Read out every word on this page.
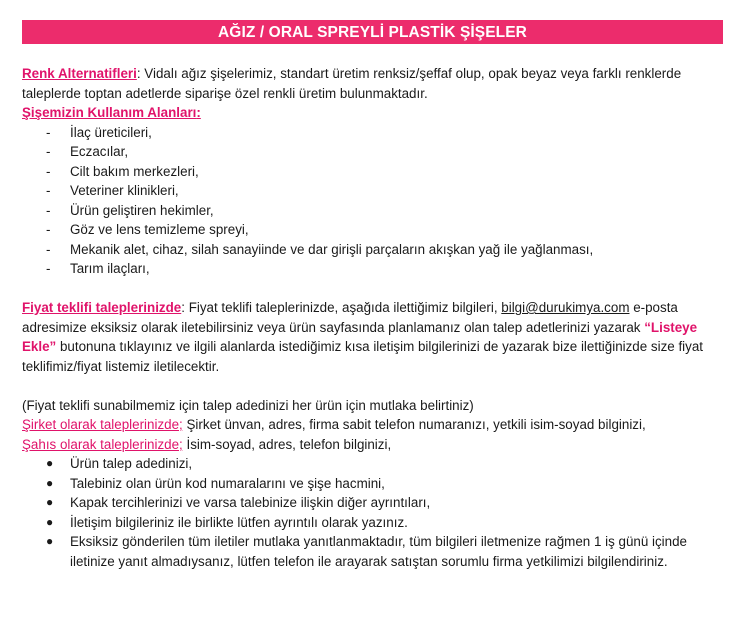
AĞIZ / ORAL SPREYLİ PLASTİK ŞİŞELER

Renk Alternatifleri: Vidalı ağız şişelerimiz, standart üretim renksiz/şeffaf olup, opak beyaz veya farklı renklerde taleplerde toptan adetlerde siparişe özel renkli üretim bulunmaktadır.

Şişemizin Kullanım Alanları:

- İlaç üreticileri,
- Eczacılar,
- Cilt bakım merkezleri,
- Veteriner klinikleri,
- Ürün geliştiren hekimler,
- Göz ve lens temizleme spreyi,
- Mekanik alet, cihaz, silah sanayiinde ve dar girişli parçaların akışkan yağ ile yağlanması,
- Tarım ilaçları,

Fiyat teklifi taleplerinizde: Fiyat teklifi taleplerinizde, aşağıda ilettiğimiz bilgileri, bilgi@durukimya.com e-posta adresimize eksiksiz olarak iletebilirsiniz veya ürün sayfasında planlamanız olan talep adetlerinizi yazarak “Listeye Ekle” butonuna tıklayınız ve ilgili alanlarda istediğimiz kısa iletişim bilgilerinizi de yazarak bize ilettiğinizde size fiyat teklifimiz/fiyat listemiz iletilecektir.

(Fiyat teklifi sunabilmemiz için talep adedinizi her ürün için mutlaka belirtiniz)

Şirket olarak taleplerinizde; Şirket ünvan, adres, firma sabit telefon numaranızı, yetkili isim-soyad bilginizi,

Şahıs olarak taleplerinizde; İsim-soyad, adres, telefon bilginizi,

● Ürün talep adedinizi,
● Talebiniz olan ürün kod numaralarını ve şişe hacmini,
● Kapak tercihlerinizi ve varsa talebinize ilişkin diğer ayrıntıları,
● İletişim bilgileriniz ile birlikte lütfen ayrıntılı olarak yazınız.
● Eksiksiz gönderilen tüm iletiler mutlaka yanıtlanmaktadır, tüm bilgileri iletmenize rağmen 1 iş günü içinde iletinize yanıt almadıysanız, lütfen telefon ile arayarak satıştan sorumlu firma yetkilimizi bilgilendiriniz.
